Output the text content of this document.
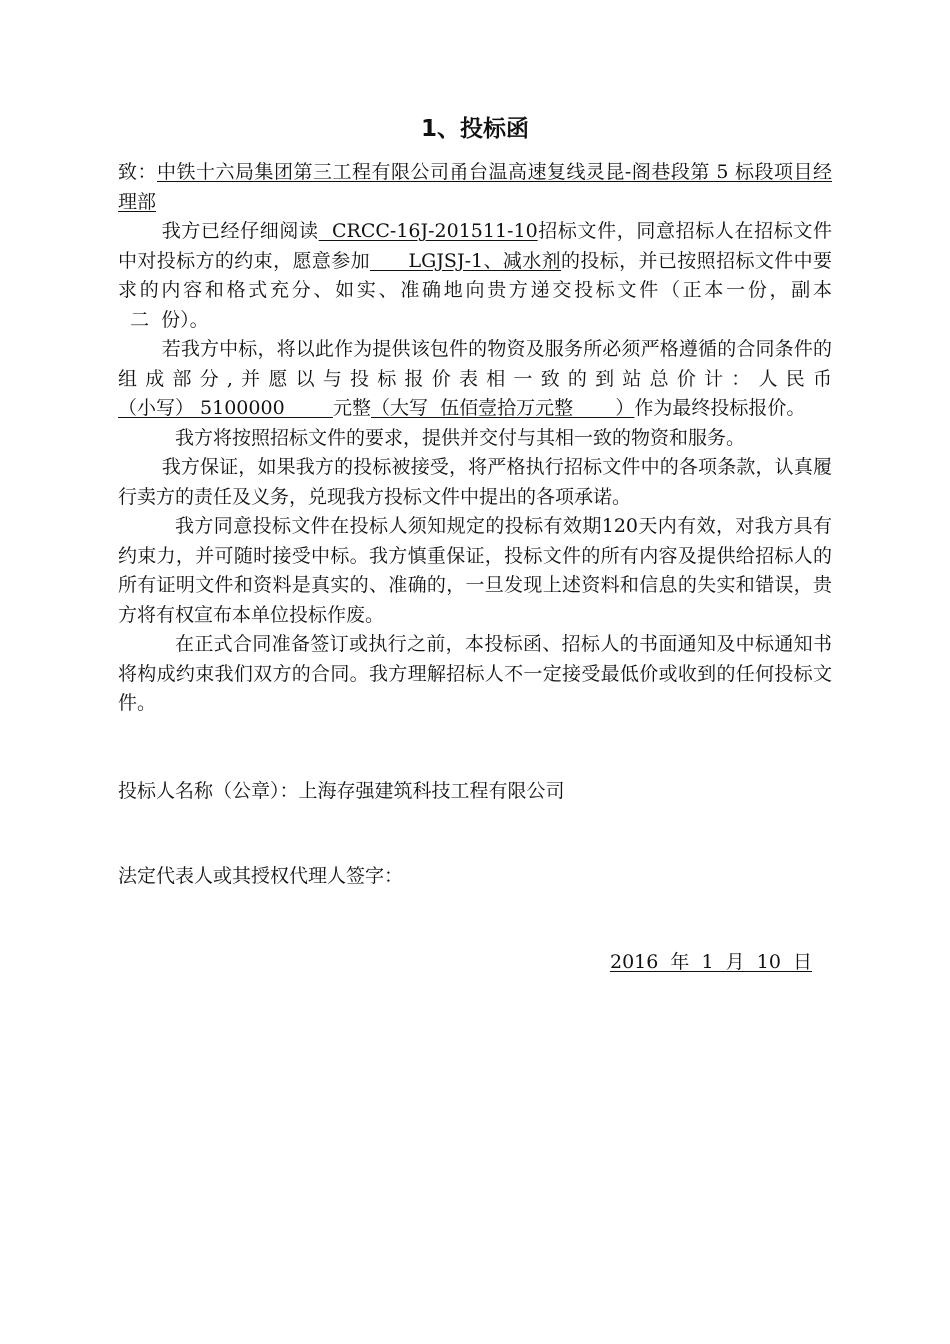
1、投标函

致：中铁十六局集团第三工程有限公司甬台温高速复线灵昆-阁巷段第 5 标段项目经理部

我方已经仔细阅读  CRCC-16J-201511-10招标文件，同意招标人在招标文件中对投标方的约束，愿意参加      LGJSJ-1、减水剂的投标，并已按照招标文件中要求的内容和格式充分、如实、准确地向贵方递交投标文件（正本一份，副本  二  份）。

若我方中标，将以此作为提供该包件的物资及服务所必须严格遵循的合同条件的组成部分,并愿以与投标报价表相一致的到站总价计：人民币（小写） 5100000        元整（大写  伍佰壹拾万元整       ）作为最终投标报价。

我方将按照招标文件的要求，提供并交付与其相一致的物资和服务。

我方保证，如果我方的投标被接受，将严格执行招标文件中的各项条款，认真履行卖方的责任及义务，兑现我方投标文件中提出的各项承诺。

我方同意投标文件在投标人须知规定的投标有效期120天内有效，对我方具有约束力，并可随时接受中标。我方慎重保证，投标文件的所有内容及提供给招标人的所有证明文件和资料是真实的、准确的，一旦发现上述资料和信息的失实和错误，贵方将有权宣布本单位投标作废。

在正式合同准备签订或执行之前，本投标函、招标人的书面通知及中标通知书将构成约束我们双方的合同。我方理解招标人不一定接受最低价或收到的任何投标文件。

投标人名称（公章）：上海存强建筑科技工程有限公司

法定代表人或其授权代理人签字：

2016  年  1  月  10  日
